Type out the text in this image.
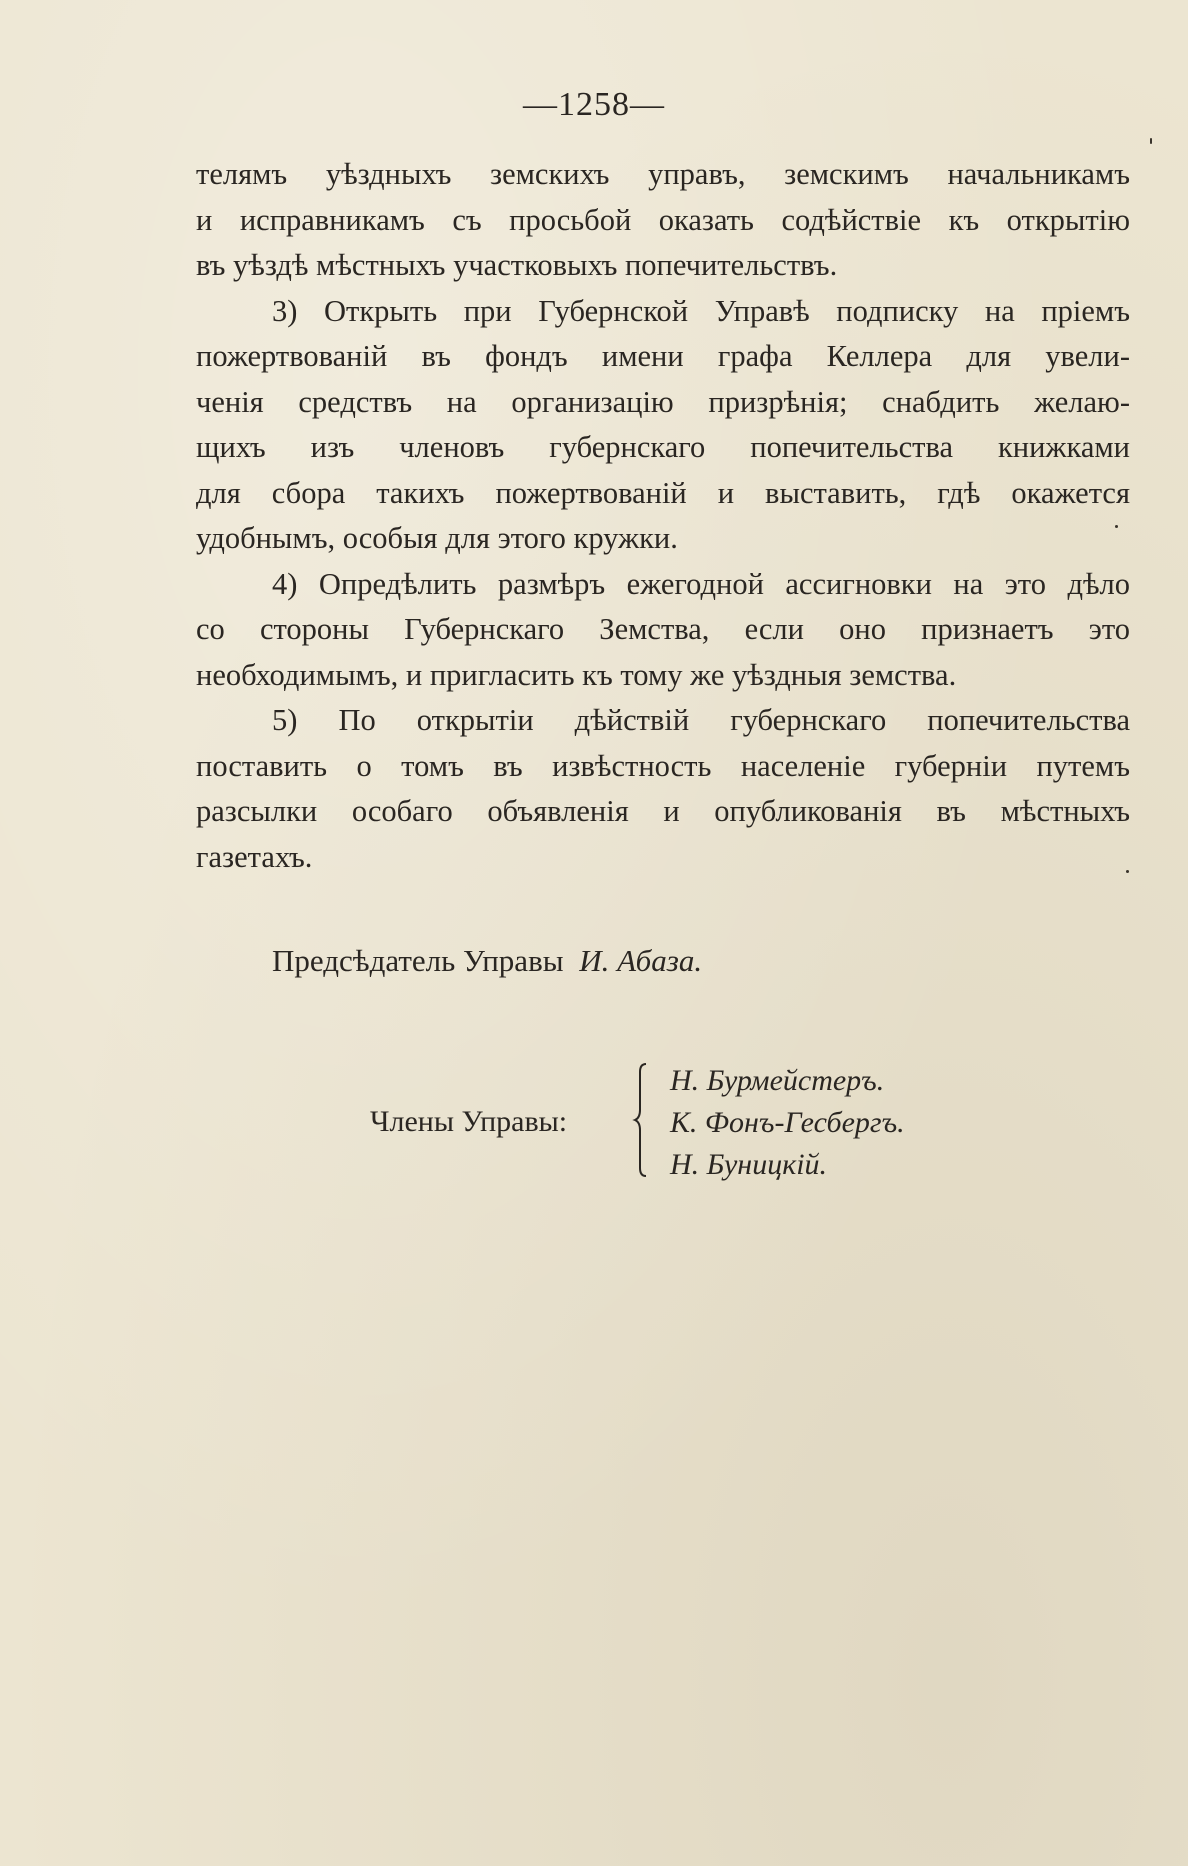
—1258—
телямъ уѣздныхъ земскихъ управъ, земскимъ начальникамъ
и исправникамъ съ просьбой оказать содѣйствіе къ открытію
въ уѣздѣ мѣстныхъ участковыхъ попечительствъ.
3) Открыть при Губернской Управѣ подписку на пріемъ
пожертвованій въ фондъ имени графа Келлера для увели-
ченія средствъ на организацію призрѣнія; снабдить желаю-
щихъ изъ членовъ губернскаго попечительства книжками
для сбора такихъ пожертвованій и выставить, гдѣ окажется
удобнымъ, особыя для этого кружки.
4) Опредѣлить размѣръ ежегодной ассигновки на это дѣло
со стороны Губернскаго Земства, если оно признаетъ это
необходимымъ, и пригласить къ тому же уѣздныя земства.
5) По открытіи дѣйствій губернскаго попечительства
поставить о томъ въ извѣстность населеніе губерніи путемъ
разсылки особаго объявленія и опубликованія въ мѣстныхъ
газетахъ.
Предсѣдатель Управы И. Абаза.
Члены Управы:
Н. Бурмейстеръ.
К. Фонъ-Гесбергъ.
Н. Буницкій.
